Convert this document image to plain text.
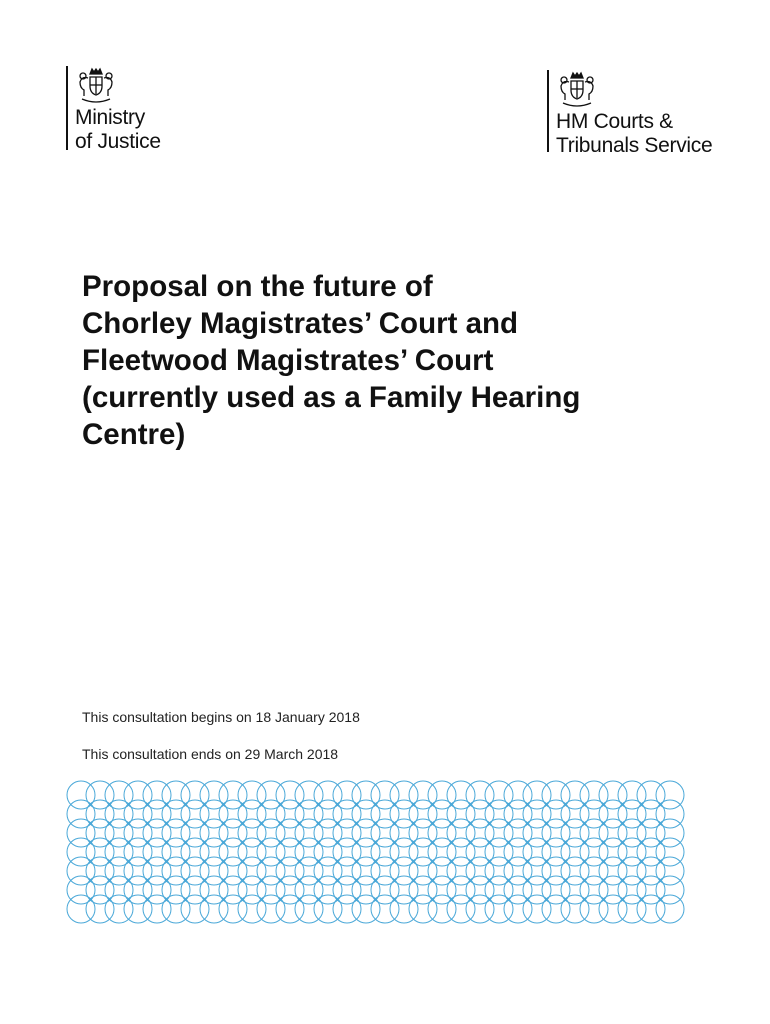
Ministry
of Justice
HM Courts &
Tribunals Service
Proposal on the future of
Chorley Magistrates’ Court and
Fleetwood Magistrates’ Court
(currently used as a Family Hearing
Centre)

This consultation begins on 18 January 2018

This consultation ends on 29 March 2018
